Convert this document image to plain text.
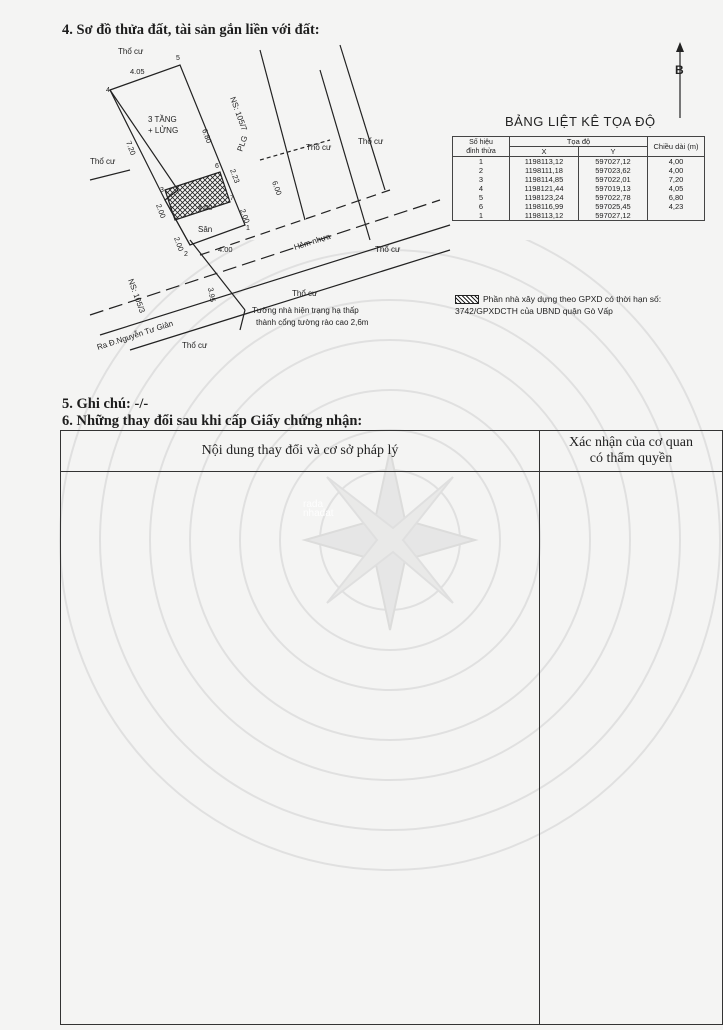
4. Sơ đồ thửa đất, tài sản gắn liền với đất:
3 TẦNG
+ LỬNG
Sân
Hẻm nhựa
Ra Đ.Nguyễn Tư Giản
PLG
NS: 105/3
NS: 105/7
Thổ cư
Thổ cư
Thổ cư
Thổ cư
Thổ cư
Thổ cư
Thổ cư
Tường nhà hiện trạng hạ thấp
thành cổng tường rào cao 2,6m
4.05
6.80
7.20
2.00
2.00
4.00
4.00
6.00
2.00
2.23
3.95
5
4
3
2
1
6
7
B
BẢNG LIỆT KÊ TỌA ĐỘ
Số hiệu
đỉnh thửa	Tọa độ		Chiều dài (m)
	X	Y	
1	1198113,12	597027,12	4,00
2	1198111,18	597023,62	4,00
3	1198114,85	597022,01	7,20
4	1198121,44	597019,13	4,05
5	1198123,24	597022,78	6,80
6	1198116,99	597025,45	4,23
1	1198113,12	597027,12	
Phần nhà xây dựng theo GPXD có thời hạn số:
3742/GPXDCTH của UBND quận Gò Vấp
5. Ghi chú: -/-
6. Những thay đổi sau khi cấp Giấy chứng nhận:
Nội dung thay đổi và cơ sở pháp lý	Xác nhận của cơ quan
có thẩm quyền

rada
nhadat
